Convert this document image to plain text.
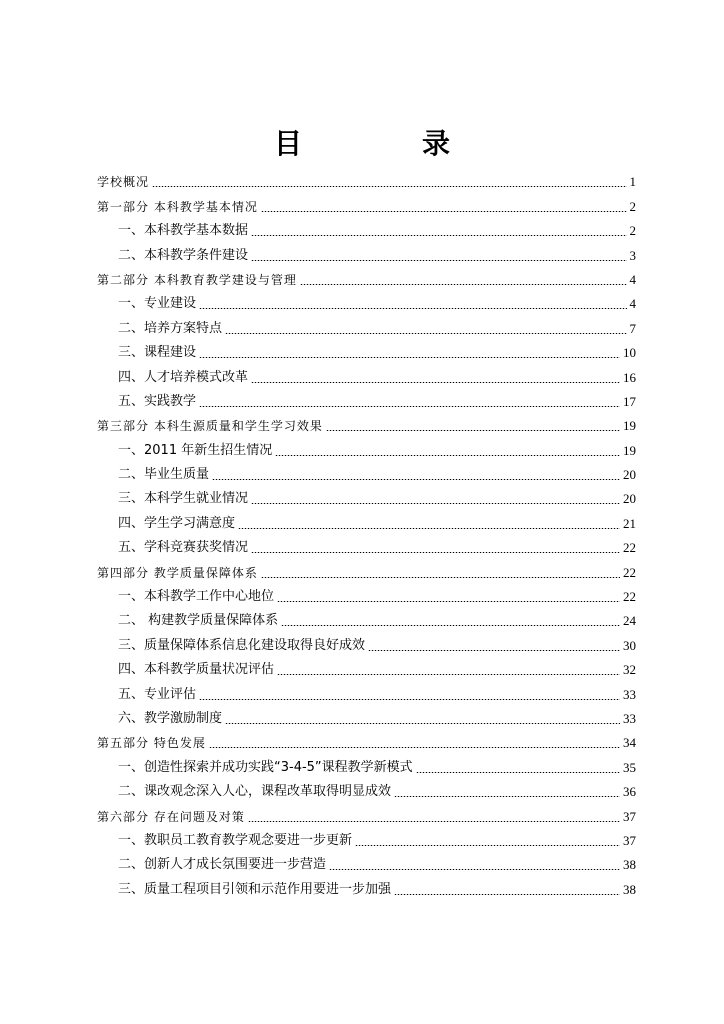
目　录
学校概况	1
第一部分 本科教学基本情况	2
一、本科教学基本数据	2
二、本科教学条件建设	3
第二部分 本科教育教学建设与管理	4
一、专业建设	4
二、培养方案特点	7
三、课程建设	10
四、人才培养模式改革	16
五、实践教学	17
第三部分 本科生源质量和学生学习效果	19
一、2011 年新生招生情况	19
二、毕业生质量	20
三、本科学生就业情况	20
四、学生学习满意度	21
五、学科竞赛获奖情况	22
第四部分 教学质量保障体系	22
一、本科教学工作中心地位	22
二、 构建教学质量保障体系	24
三、质量保障体系信息化建设取得良好成效	30
四、本科教学质量状况评估	32
五、专业评估	33
六、教学激励制度	33
第五部分 特色发展	34
一、创造性探索并成功实践“3-4-5”课程教学新模式	35
二、课改观念深入人心，课程改革取得明显成效	36
第六部分 存在问题及对策	37
一、教职员工教育教学观念要进一步更新	37
二、创新人才成长氛围要进一步营造	38
三、质量工程项目引领和示范作用要进一步加强	38
